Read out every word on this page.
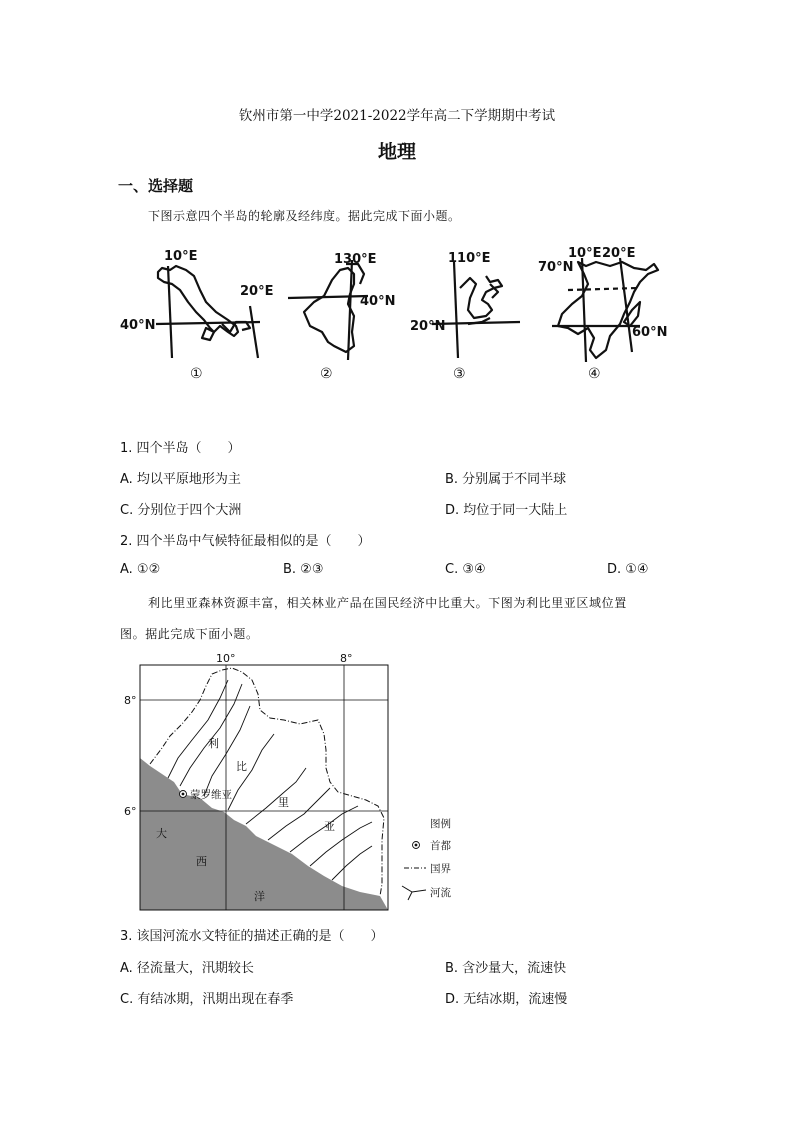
钦州市第一中学2021-2022学年高二下学期期中考试
地理
一、选择题
下图示意四个半岛的轮廓及经纬度。据此完成下面小题。
10°E
20°E
40°N
130°E
40°N
110°E
20°N
10°E 20°E
70°N
60°N
①	②	③	④
1. 四个半岛（　　）
A. 均以平原地形为主	B. 分别属于不同半球
C. 分别位于四个大洲	D. 均位于同一大陆上
2. 四个半岛中气候特征最相似的是（　　）
A. ①②	B. ②③	C. ③④	D. ①④
利比里亚森林资源丰富，相关林业产品在国民经济中比重大。下图为利比里亚区域位置
图。据此完成下面小题。
10°	8°
8°
6°
利
比
里
亚
蒙罗维亚
大
西
洋
图例
首都
国界
河流
3. 该国河流水文特征的描述正确的是（　　）
A. 径流量大，汛期较长	B. 含沙量大，流速快
C. 有结冰期，汛期出现在春季	D. 无结冰期，流速慢
